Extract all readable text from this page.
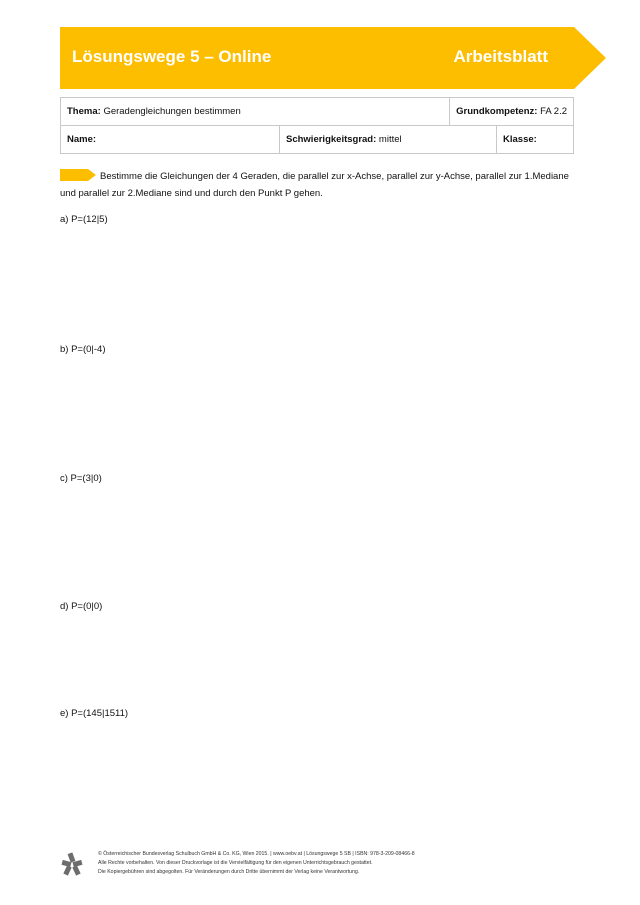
Lösungswege 5 – Online	Arbeitsblatt
Thema: Geradengleichungen bestimmen		Grundkompetenz: FA 2.2	
Name:	Schwierigkeitsgrad: mittel		Klasse:
Bestimme die Gleichungen der 4 Geraden, die parallel zur x-Achse, parallel zur y-Achse, parallel zur 1.Mediane und parallel zur 2.Mediane sind und durch den Punkt P gehen.
a) P=(12|5)
b) P=(0|-4)
c) P=(3|0)
d) P=(0|0)
e) P=(145|1511)
© Österreichischer Bundesverlag Schulbuch GmbH & Co. KG, Wien 2015. | www.oebv.at | Lösungswege 5 SB | ISBN: 978-3-209-08466-8
Alle Rechte vorbehalten. Von dieser Druckvorlage ist die Vervielfältigung für den eigenen Unterrichtsgebrauch gestattet.
Die Kopiergebühren sind abgegolten. Für Veränderungen durch Dritte übernimmt der Verlag keine Verantwortung.
